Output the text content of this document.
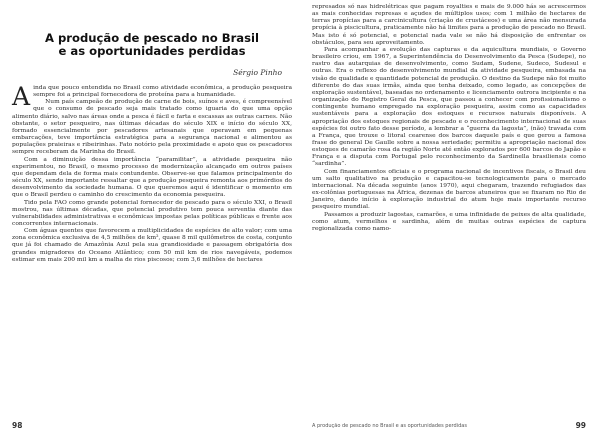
A produção de pescado no Brasil
e as oportunidades perdidas
Sérgio Pinho

Ainda que pouco entendida no Brasil como atividade econômica, a produção pesqueira sempre foi a principal fornecedora de proteína para a humanidade.

Num país campeão de produção de carne de bois, suínos e aves, é compreensível que o consumo de pescado seja mais tratado como iguaria do que uma opção alimento diário, salvo nas áreas onde a pesca é fácil e farta e escassas as outras carnes. Não obstante, o setor pesqueiro, nas últimas décadas do século XIX e início do século XX, formado essencialmente por pescadores artesanais que operavam em pequenas embarcações, teve importância estratégica para a segurança nacional e alimentou as populações praieiras e ribeirinhas. Fato notório pela proximidade e apoio que os pescadores sempre receberam da Marinha do Brasil.

Com a diminuição dessa importância “paramilitar”, a atividade pesqueira não experimentou, no Brasil, o mesmo processo de modernização alcançado em outros países que dependam dela de forma mais contundente. Observe-se que falamos principalmente do século XX, sendo importante ressaltar que a produção pesqueira remonta aos primórdios do desenvolvimento da sociedade humana. O que queremos aqui é identificar o momento em que o Brasil perdeu o caminho do crescimento da economia pesqueira.

Tido pela FAO como grande potencial fornecedor de pescado para o século XXI, o Brasil mostrou, nas últimas décadas, que potencial produtivo tem pouca serventia diante das vulnerabilidades administrativas e econômicas impostas pelas políticas públicas e frente aos concorrentes internacionais.

Com águas quentes que favorecem a multiplicidades de espécies de alto valor; com uma zona econômica exclusiva de 4,5 milhões de km², quase 8 mil quilômetros de costa, conjunto que já foi chamado de Amazônia Azul pela sua grandiosidade e passagem obrigatória dos grandes migradores do Oceano Atlântico; com 50 mil km de rios navegáveis, podemos estimar em mais 200 mil km a malha de rios piscosos; com 3,6 milhões de hectares

98

represados só nas hidrelétricas que pagam royalties e mais de 9.000 hás se acrescermos as mais conhecidas represas e açudes de múltiplos usos; com 1 milhão de hectares de terras propícias para a carcinicultura (criação de crustáceos) e uma área não mensurada propícia à piscicultura, praticamente não há limites para a produção de pescado no Brasil. Mas isto é só potencial, e potencial nada vale se não há disposição de enfrentar os obstáculos, para seu aproveitamento.

Para acompanhar a evolução das capturas e da aquicultura mundiais, o Governo brasileiro criou, em 1967, a Superintendência do Desenvolvimento da Pesca (Sudepe), no rastro das autarquias de desenvolvimento, como Sudam, Sudene, Sudeco, Sudesul e outras. Era o reflexo do desenvolvimento mundial da atividade pesqueira, embasada na visão de qualidade e quantidade potencial de produção. O destino da Sudepe não foi muito diferente do das suas irmãs, ainda que tenha deixado, como legado, as concepções de exploração sustentável, baseadas no ordenamento e licenciamento outrora incipiente e na organização do Registro Geral da Pesca, que passou a conhecer com profissionalismo o contingente humano empregado na exploração pesqueira, assim como as capacidades sustentáveis para a exploração dos estoques e recursos naturais disponíveis. A apropriação dos estoques regionais de pescado e o reconhecimento internacional de suas espécies foi outro fato desse período, a lembrar a “guerra da lagosta”, (não) travada com a França, que trouxe o litoral cearense dos barcos daquele país e que gerou a famosa frase do general De Gaulle sobre a nossa seriedade; permitiu a apropriação nacional dos estoques de camarão rosa da região Norte até então explorados por 600 barcos do Japão e França e a disputa com Portugal pelo reconhecimento da Sardinella brasiliensis como “sardinha”.

Com financiamentos oficiais e o programa nacional de incentivos fiscais, o Brasil deu um salto qualitativo na produção e capacitou-se tecnologicamente para o mercado internacional. Na década seguinte (anos 1970), aqui chegaram, trazendo refugiados das ex-colônias portuguesas na África, dezenas de barcos atuneiros que se fixaram no Rio de Janeiro, dando início à exploração industrial do atum hoje mais importante recurso pesqueiro mundial.

Passamos a produzir lagostas, camarões, e uma infinidade de peixes de alta qualidade, como atum, vermelhos e sardinha, além de muitas outras espécies de captura regionalizada como namo-

A produção de pescado no Brasil e as oportunidades perdidas	99
